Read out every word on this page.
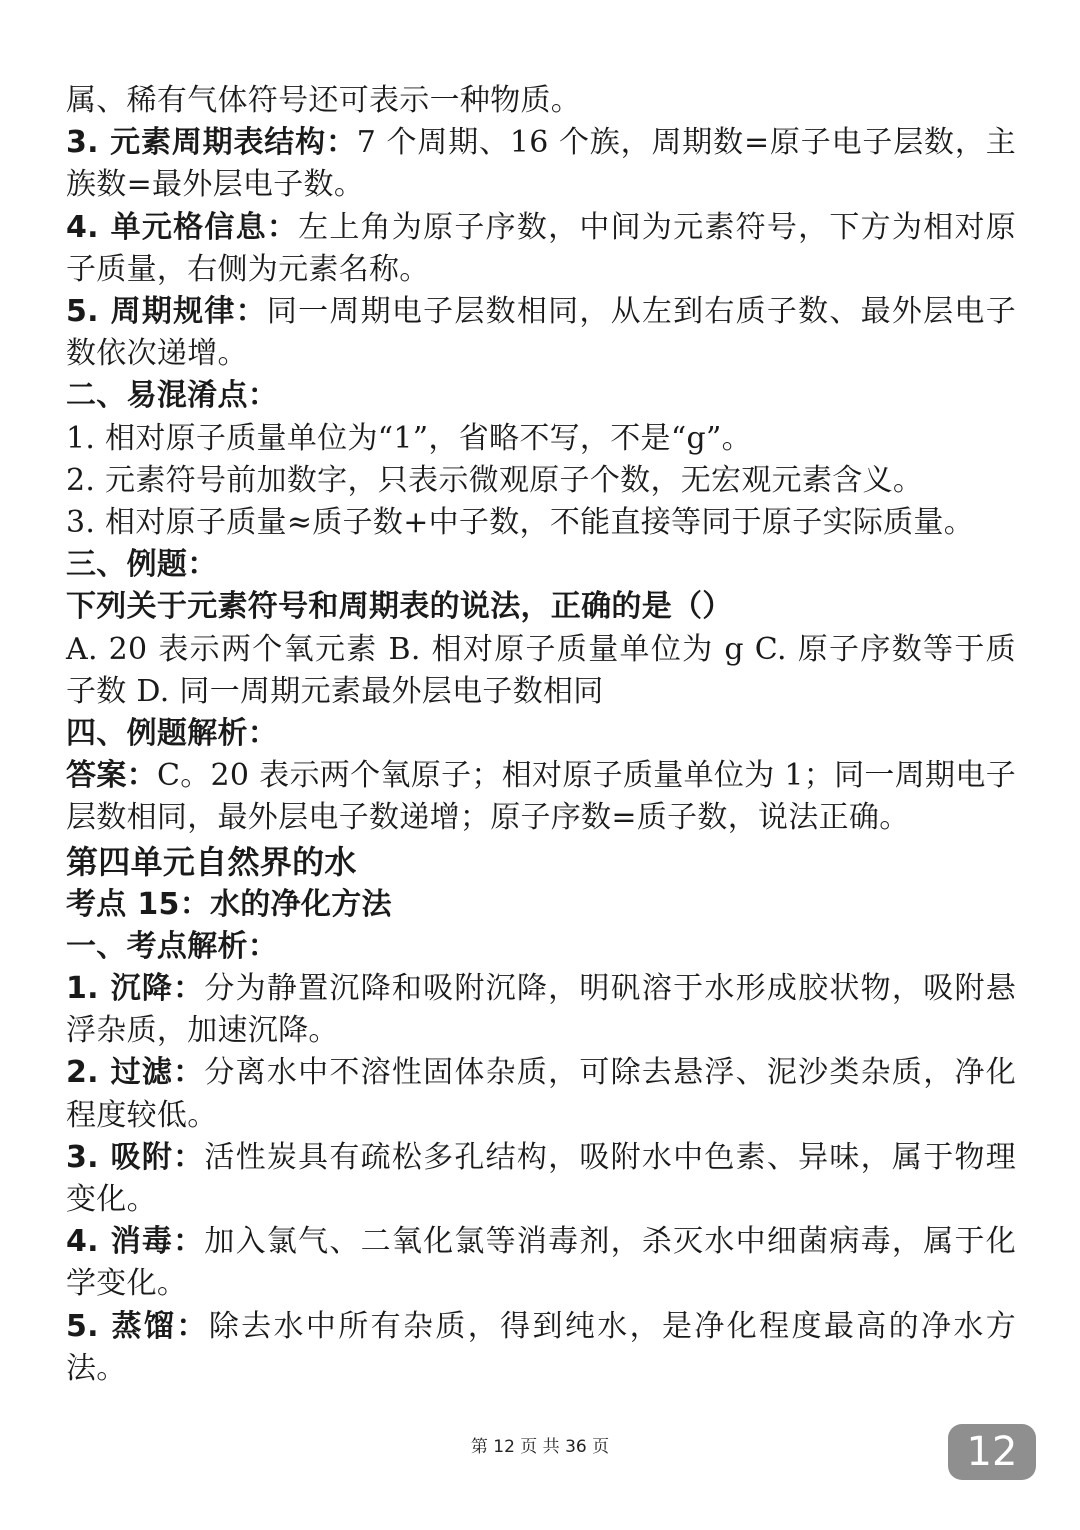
属、稀有气体符号还可表示一种物质。

3. 元素周期表结构：7 个周期、16 个族，周期数=原子电子层数，主族数=最外层电子数。

4. 单元格信息：左上角为原子序数，中间为元素符号，下方为相对原子质量，右侧为元素名称。

5. 周期规律：同一周期电子层数相同，从左到右质子数、最外层电子数依次递增。

二、易混淆点：

1. 相对原子质量单位为“1”，省略不写，不是“g”。

2. 元素符号前加数字，只表示微观原子个数，无宏观元素含义。

3. 相对原子质量≈质子数+中子数，不能直接等同于原子实际质量。

三、例题：

下列关于元素符号和周期表的说法，正确的是（）

A. 20 表示两个氧元素 B. 相对原子质量单位为 g C. 原子序数等于质子数 D. 同一周期元素最外层电子数相同

四、例题解析：

答案：C。20 表示两个氧原子；相对原子质量单位为 1；同一周期电子层数相同，最外层电子数递增；原子序数=质子数，说法正确。

第四单元自然界的水

考点 15：水的净化方法

一、考点解析：

1. 沉降：分为静置沉降和吸附沉降，明矾溶于水形成胶状物，吸附悬浮杂质，加速沉降。

2. 过滤：分离水中不溶性固体杂质，可除去悬浮、泥沙类杂质，净化程度较低。

3. 吸附：活性炭具有疏松多孔结构，吸附水中色素、异味，属于物理变化。

4. 消毒：加入氯气、二氧化氯等消毒剂，杀灭水中细菌病毒，属于化学变化。

5. 蒸馏：除去水中所有杂质，得到纯水，是净化程度最高的净水方法。

第 12 页 共 36 页	12
